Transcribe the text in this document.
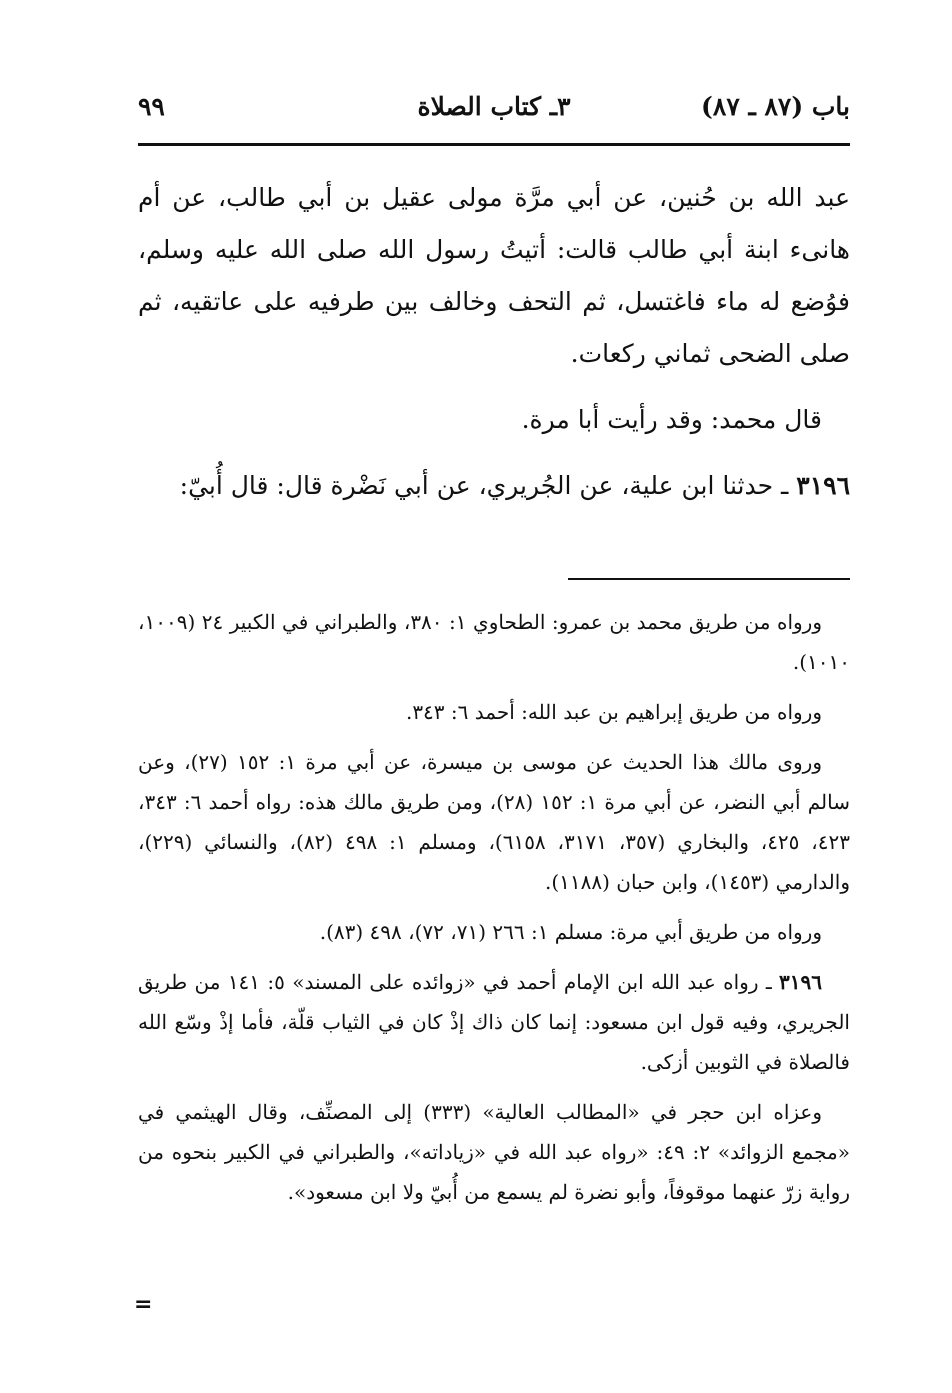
باب (٨٧ ـ ٨٧)
٣ـ كتاب الصلاة
٩٩

عبد الله بن حُنين، عن أبي مرَّة مولى عقيل بن أبي طالب، عن أم هانىء ابنة أبي طالب قالت: أتيتُ رسول الله صلى الله عليه وسلم، فوُضع له ماء فاغتسل، ثم التحف وخالف بين طرفيه على عاتقيه، ثم صلى الضحى ثماني ركعات.

قال محمد: وقد رأيت أبا مرة.

٣١٩٦ ـ حدثنا ابن علية، عن الجُريري، عن أبي نَضْرة قال: قال أُبيّ:

ورواه من طريق محمد بن عمرو: الطحاوي ١: ٣٨٠، والطبراني في الكبير ٢٤ (١٠٠٩، ١٠١٠).

ورواه من طريق إبراهيم بن عبد الله: أحمد ٦: ٣٤٣.

وروى مالك هذا الحديث عن موسى بن ميسرة، عن أبي مرة ١: ١٥٢ (٢٧)، وعن سالم أبي النضر، عن أبي مرة ١: ١٥٢ (٢٨)، ومن طريق مالك هذه: رواه أحمد ٦: ٣٤٣، ٤٢٣، ٤٢٥، والبخاري (٣٥٧، ٣١٧١، ٦١٥٨)، ومسلم ١: ٤٩٨ (٨٢)، والنسائي (٢٢٩)، والدارمي (١٤٥٣)، وابن حبان (١١٨٨).

ورواه من طريق أبي مرة: مسلم ١: ٢٦٦ (٧١، ٧٢)، ٤٩٨ (٨٣).

٣١٩٦ ـ رواه عبد الله ابن الإمام أحمد في «زوائده على المسند» ٥: ١٤١ من طريق الجريري، وفيه قول ابن مسعود: إنما كان ذاك إذْ كان في الثياب قلّة، فأما إذْ وسّع الله فالصلاة في الثوبين أزكى.

وعزاه ابن حجر في «المطالب العالية» (٣٣٣) إلى المصنِّف، وقال الهيثمي في «مجمع الزوائد» ٢: ٤٩: «رواه عبد الله في «زياداته»، والطبراني في الكبير بنحوه من رواية زرّ عنهما موقوفاً، وأبو نضرة لم يسمع من أُبيّ ولا ابن مسعود».

=
